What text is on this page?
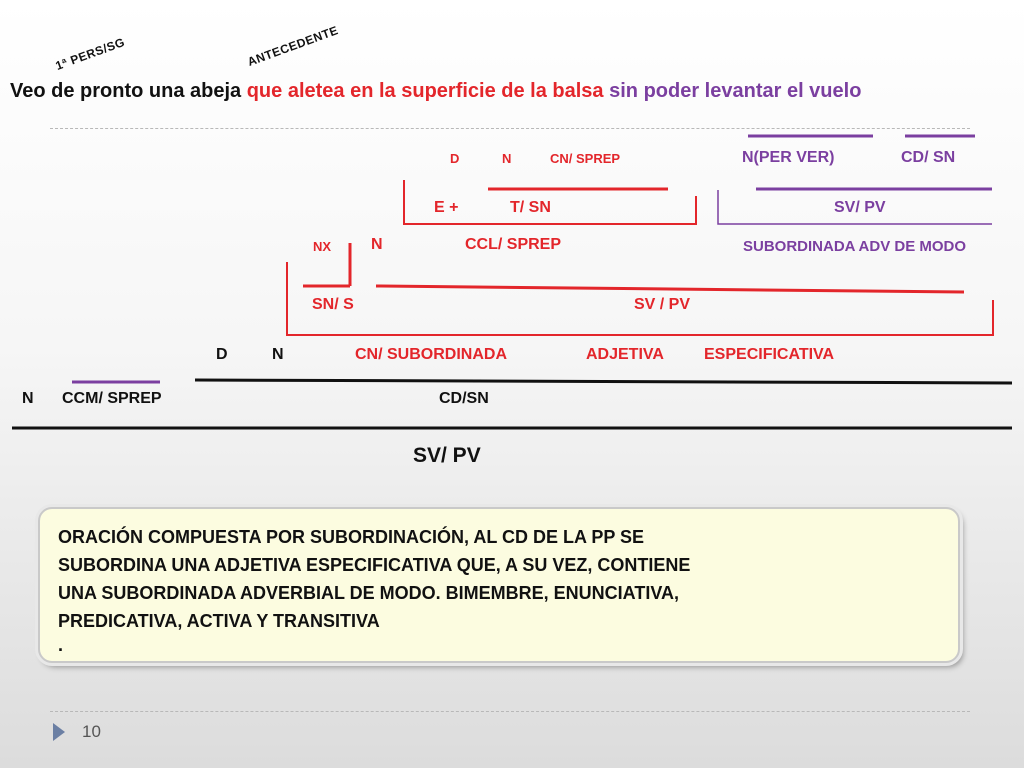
1ª PERS/SG	ANTECEDENTE
Veo de pronto una abeja que aletea en la superficie de la balsa sin poder levantar el vuelo
D	N	CN/ SPREP	N(PER VER)	CD/ SN
E +	T/ SN	SV/ PV
NX N	CCL/ SPREP	SUBORDINADA ADV DE MODO
SN/ S	SV / PV
D	N	CN/ SUBORDINADA	ADJETIVA	ESPECIFICATIVA
N CCM/ SPREP	CD/SN
SV/ PV
ORACIÓN COMPUESTA POR SUBORDINACIÓN, AL CD DE LA PP SE
SUBORDINA UNA ADJETIVA ESPECIFICATIVA QUE, A SU VEZ, CONTIENE
UNA SUBORDINADA ADVERBIAL DE MODO. BIMEMBRE, ENUNCIATIVA,
PREDICATIVA, ACTIVA Y TRANSITIVA
.
10
